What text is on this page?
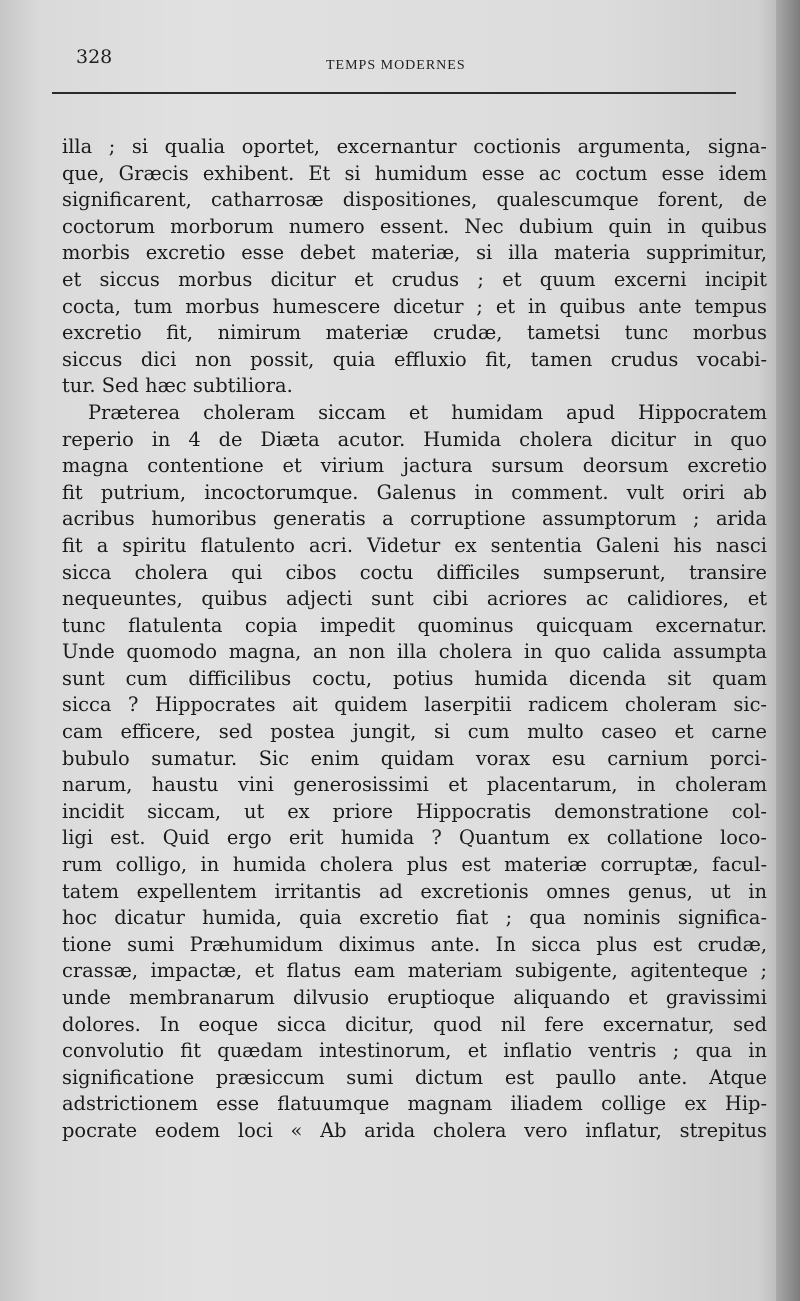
328	TEMPS MODERNES
illa ; si qualia oportet, excernantur coctionis argumenta, signa-
que, Græcis exhibent. Et si humidum esse ac coctum esse idem
significarent, catharrosæ dispositiones, qualescumque forent, de
coctorum morborum numero essent. Nec dubium quin in quibus
morbis excretio esse debet materiæ, si illa materia supprimitur,
et siccus morbus dicitur et crudus ; et quum excerni incipit
cocta, tum morbus humescere dicetur ; et in quibus ante tempus
excretio fit, nimirum materiæ crudæ, tametsi tunc morbus
siccus dici non possit, quia effluxio fit, tamen crudus vocabi-
tur. Sed hæc subtiliora.
Præterea choleram siccam et humidam apud Hippocratem
reperio in 4 de Diæta acutor. Humida cholera dicitur in quo
magna contentione et virium jactura sursum deorsum excretio
fit putrium, incoctorumque. Galenus in comment. vult oriri ab
acribus humoribus generatis a corruptione assumptorum ; arida
fit a spiritu flatulento acri. Videtur ex sententia Galeni his nasci
sicca cholera qui cibos coctu difficiles sumpserunt, transire
nequeuntes, quibus adjecti sunt cibi acriores ac calidiores, et
tunc flatulenta copia impedit quominus quicquam excernatur.
Unde quomodo magna, an non illa cholera in quo calida assumpta
sunt cum difficilibus coctu, potius humida dicenda sit quam
sicca ? Hippocrates ait quidem laserpitii radicem choleram sic-
cam efficere, sed postea jungit, si cum multo caseo et carne
bubulo sumatur. Sic enim quidam vorax esu carnium porci-
narum, haustu vini generosissimi et placentarum, in choleram
incidit siccam, ut ex priore Hippocratis demonstratione col-
ligi est. Quid ergo erit humida ? Quantum ex collatione loco-
rum colligo, in humida cholera plus est materiæ corruptæ, facul-
tatem expellentem irritantis ad excretionis omnes genus, ut in
hoc dicatur humida, quia excretio fiat ; qua nominis significa-
tione sumi Præhumidum diximus ante. In sicca plus est crudæ,
crassæ, impactæ, et flatus eam materiam subigente, agitenteque ;
unde membranarum dilvusio eruptioque aliquando et gravissimi
dolores. In eoque sicca dicitur, quod nil fere excernatur, sed
convolutio fit quædam intestinorum, et inflatio ventris ; qua in
significatione præsiccum sumi dictum est paullo ante. Atque
adstrictionem esse flatuumque magnam iliadem collige ex Hip-
pocrate eodem loci « Ab arida cholera vero inflatur, strepitus
